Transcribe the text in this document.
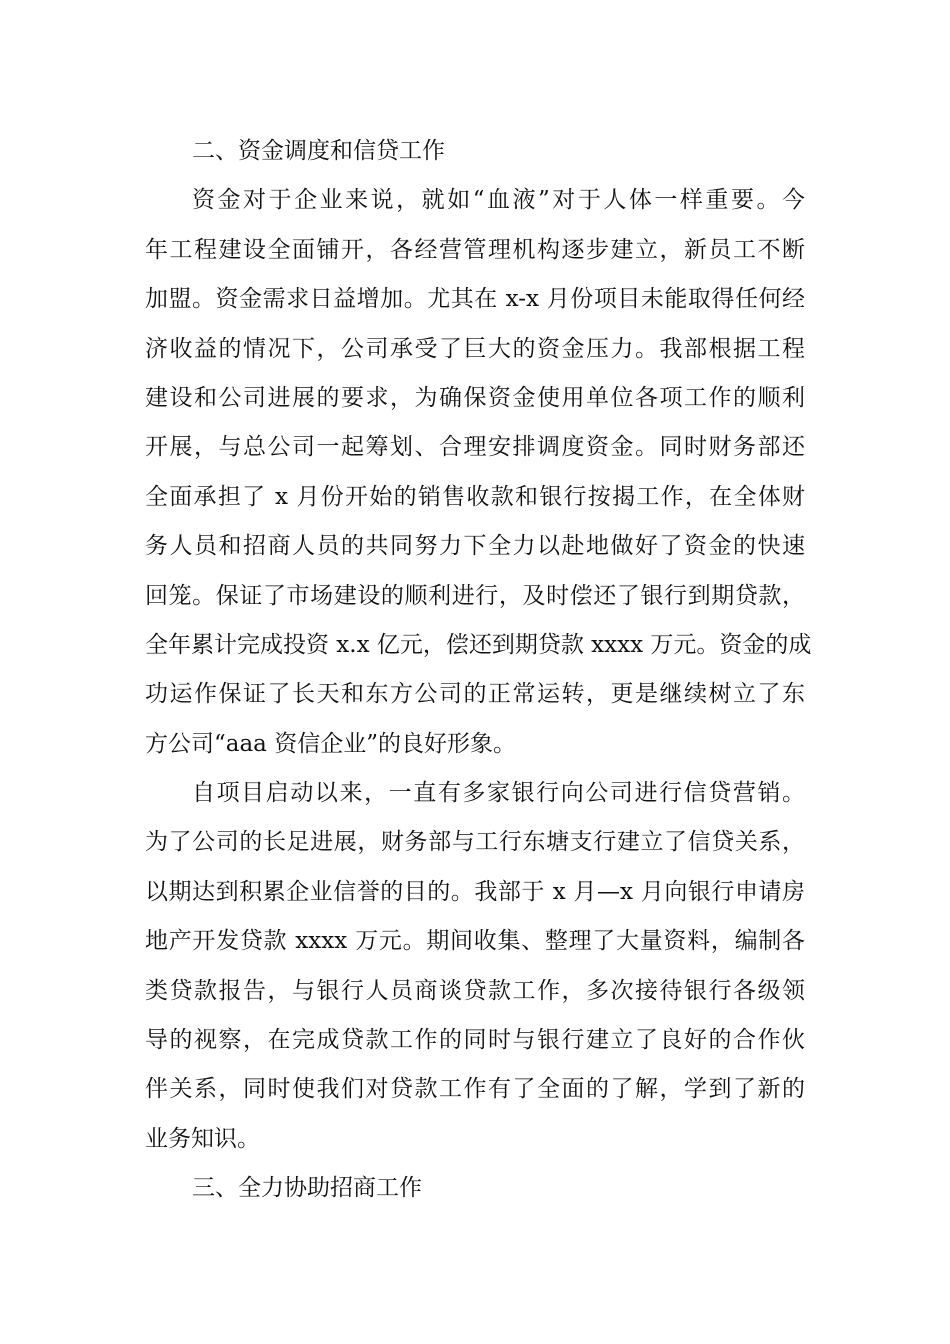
二、资金调度和信贷工作
资金对于企业来说，就如“血液”对于人体一样重要。今
年工程建设全面铺开，各经营管理机构逐步建立，新员工不断
加盟。资金需求日益增加。尤其在 x-x 月份项目未能取得任何经
济收益的情况下，公司承受了巨大的资金压力。我部根据工程
建设和公司进展的要求，为确保资金使用单位各项工作的顺利
开展，与总公司一起筹划、合理安排调度资金。同时财务部还
全面承担了 x 月份开始的销售收款和银行按揭工作，在全体财
务人员和招商人员的共同努力下全力以赴地做好了资金的快速
回笼。保证了市场建设的顺利进行，及时偿还了银行到期贷款，
全年累计完成投资 x.x 亿元，偿还到期贷款 xxxx 万元。资金的成
功运作保证了长天和东方公司的正常运转，更是继续树立了东
方公司“aaa 资信企业”的良好形象。
自项目启动以来，一直有多家银行向公司进行信贷营销。
为了公司的长足进展，财务部与工行东塘支行建立了信贷关系，
以期达到积累企业信誉的目的。我部于 x 月—x 月向银行申请房
地产开发贷款 xxxx 万元。期间收集、整理了大量资料，编制各
类贷款报告，与银行人员商谈贷款工作，多次接待银行各级领
导的视察，在完成贷款工作的同时与银行建立了良好的合作伙
伴关系，同时使我们对贷款工作有了全面的了解，学到了新的
业务知识。
三、全力协助招商工作
